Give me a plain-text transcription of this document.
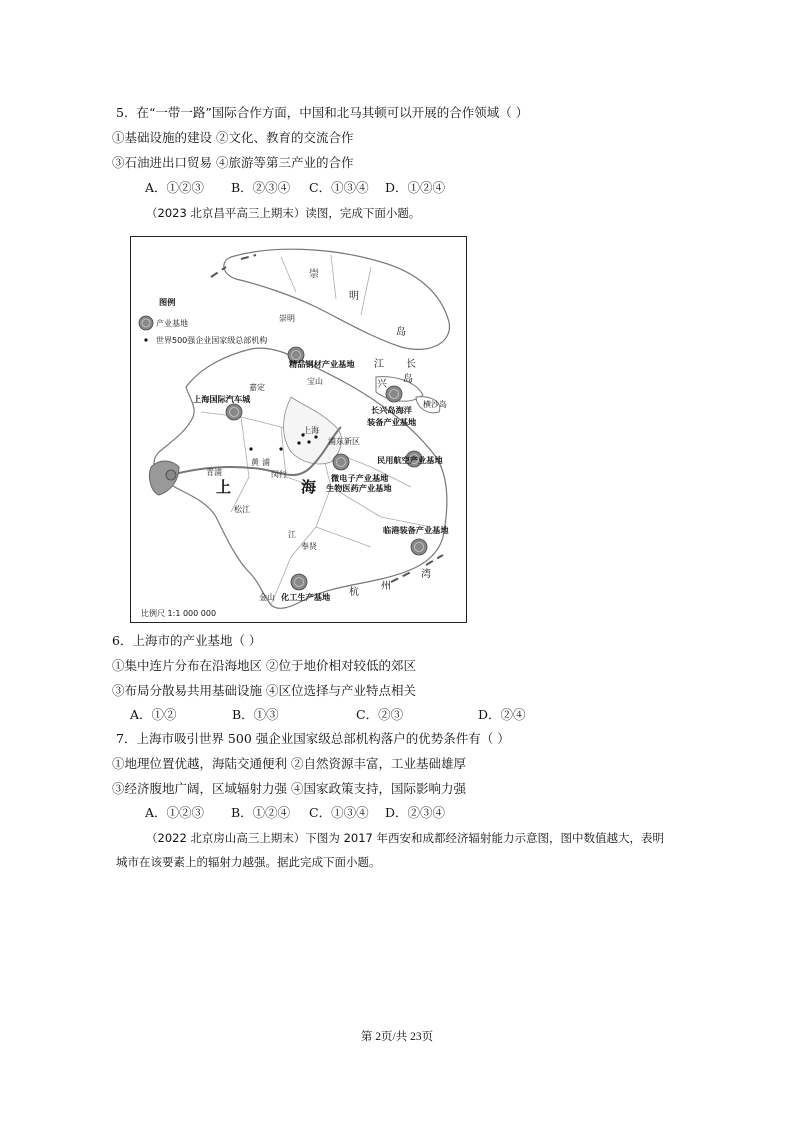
5．在“一带一路”国际合作方面，中国和北马其顿可以开展的合作领域（ ）
①基础设施的建设 ②文化、教育的交流合作
③石油进出口贸易 ④旅游等第三产业的合作
A．①②③ B．②③④ C．①③④ D．①②④
（2023 北京昌平高三上期末）读图，完成下面小题。
图例
产业基地
世界500强企业国家级总部机构
崇
明
岛
崇明
长
江
兴 岛
横沙岛
宝山
嘉定
上海
浦东新区
闵行
青浦
上	海
松江
奉贤
金山	杭
州
湾
黄 浦
江
精品钢材产业基地
上海国际汽车城
长兴岛海洋
装备产业基地
民用航空产业基地
微电子产业基地
生物医药产业基地
临港装备产业基地
化工生产基地
比例尺 1:1 000 000
6．上海市的产业基地（ ）
①集中连片分布在沿海地区 ②位于地价相对较低的郊区
③布局分散易共用基础设施 ④区位选择与产业特点相关
A．①②	B．①③	C．②③	D．②④
7．上海市吸引世界 500 强企业国家级总部机构落户的优势条件有（ ）
①地理位置优越，海陆交通便利 ②自然资源丰富，工业基础雄厚
③经济腹地广阔，区域辐射力强 ④国家政策支持，国际影响力强
A．①②③ B．①②④ C．①③④ D．②③④
（2022 北京房山高三上期末）下图为 2017 年西安和成都经济辐射能力示意图，图中数值越大，表明
城市在该要素上的辐射力越强。据此完成下面小题。
第 2页/共 23页
